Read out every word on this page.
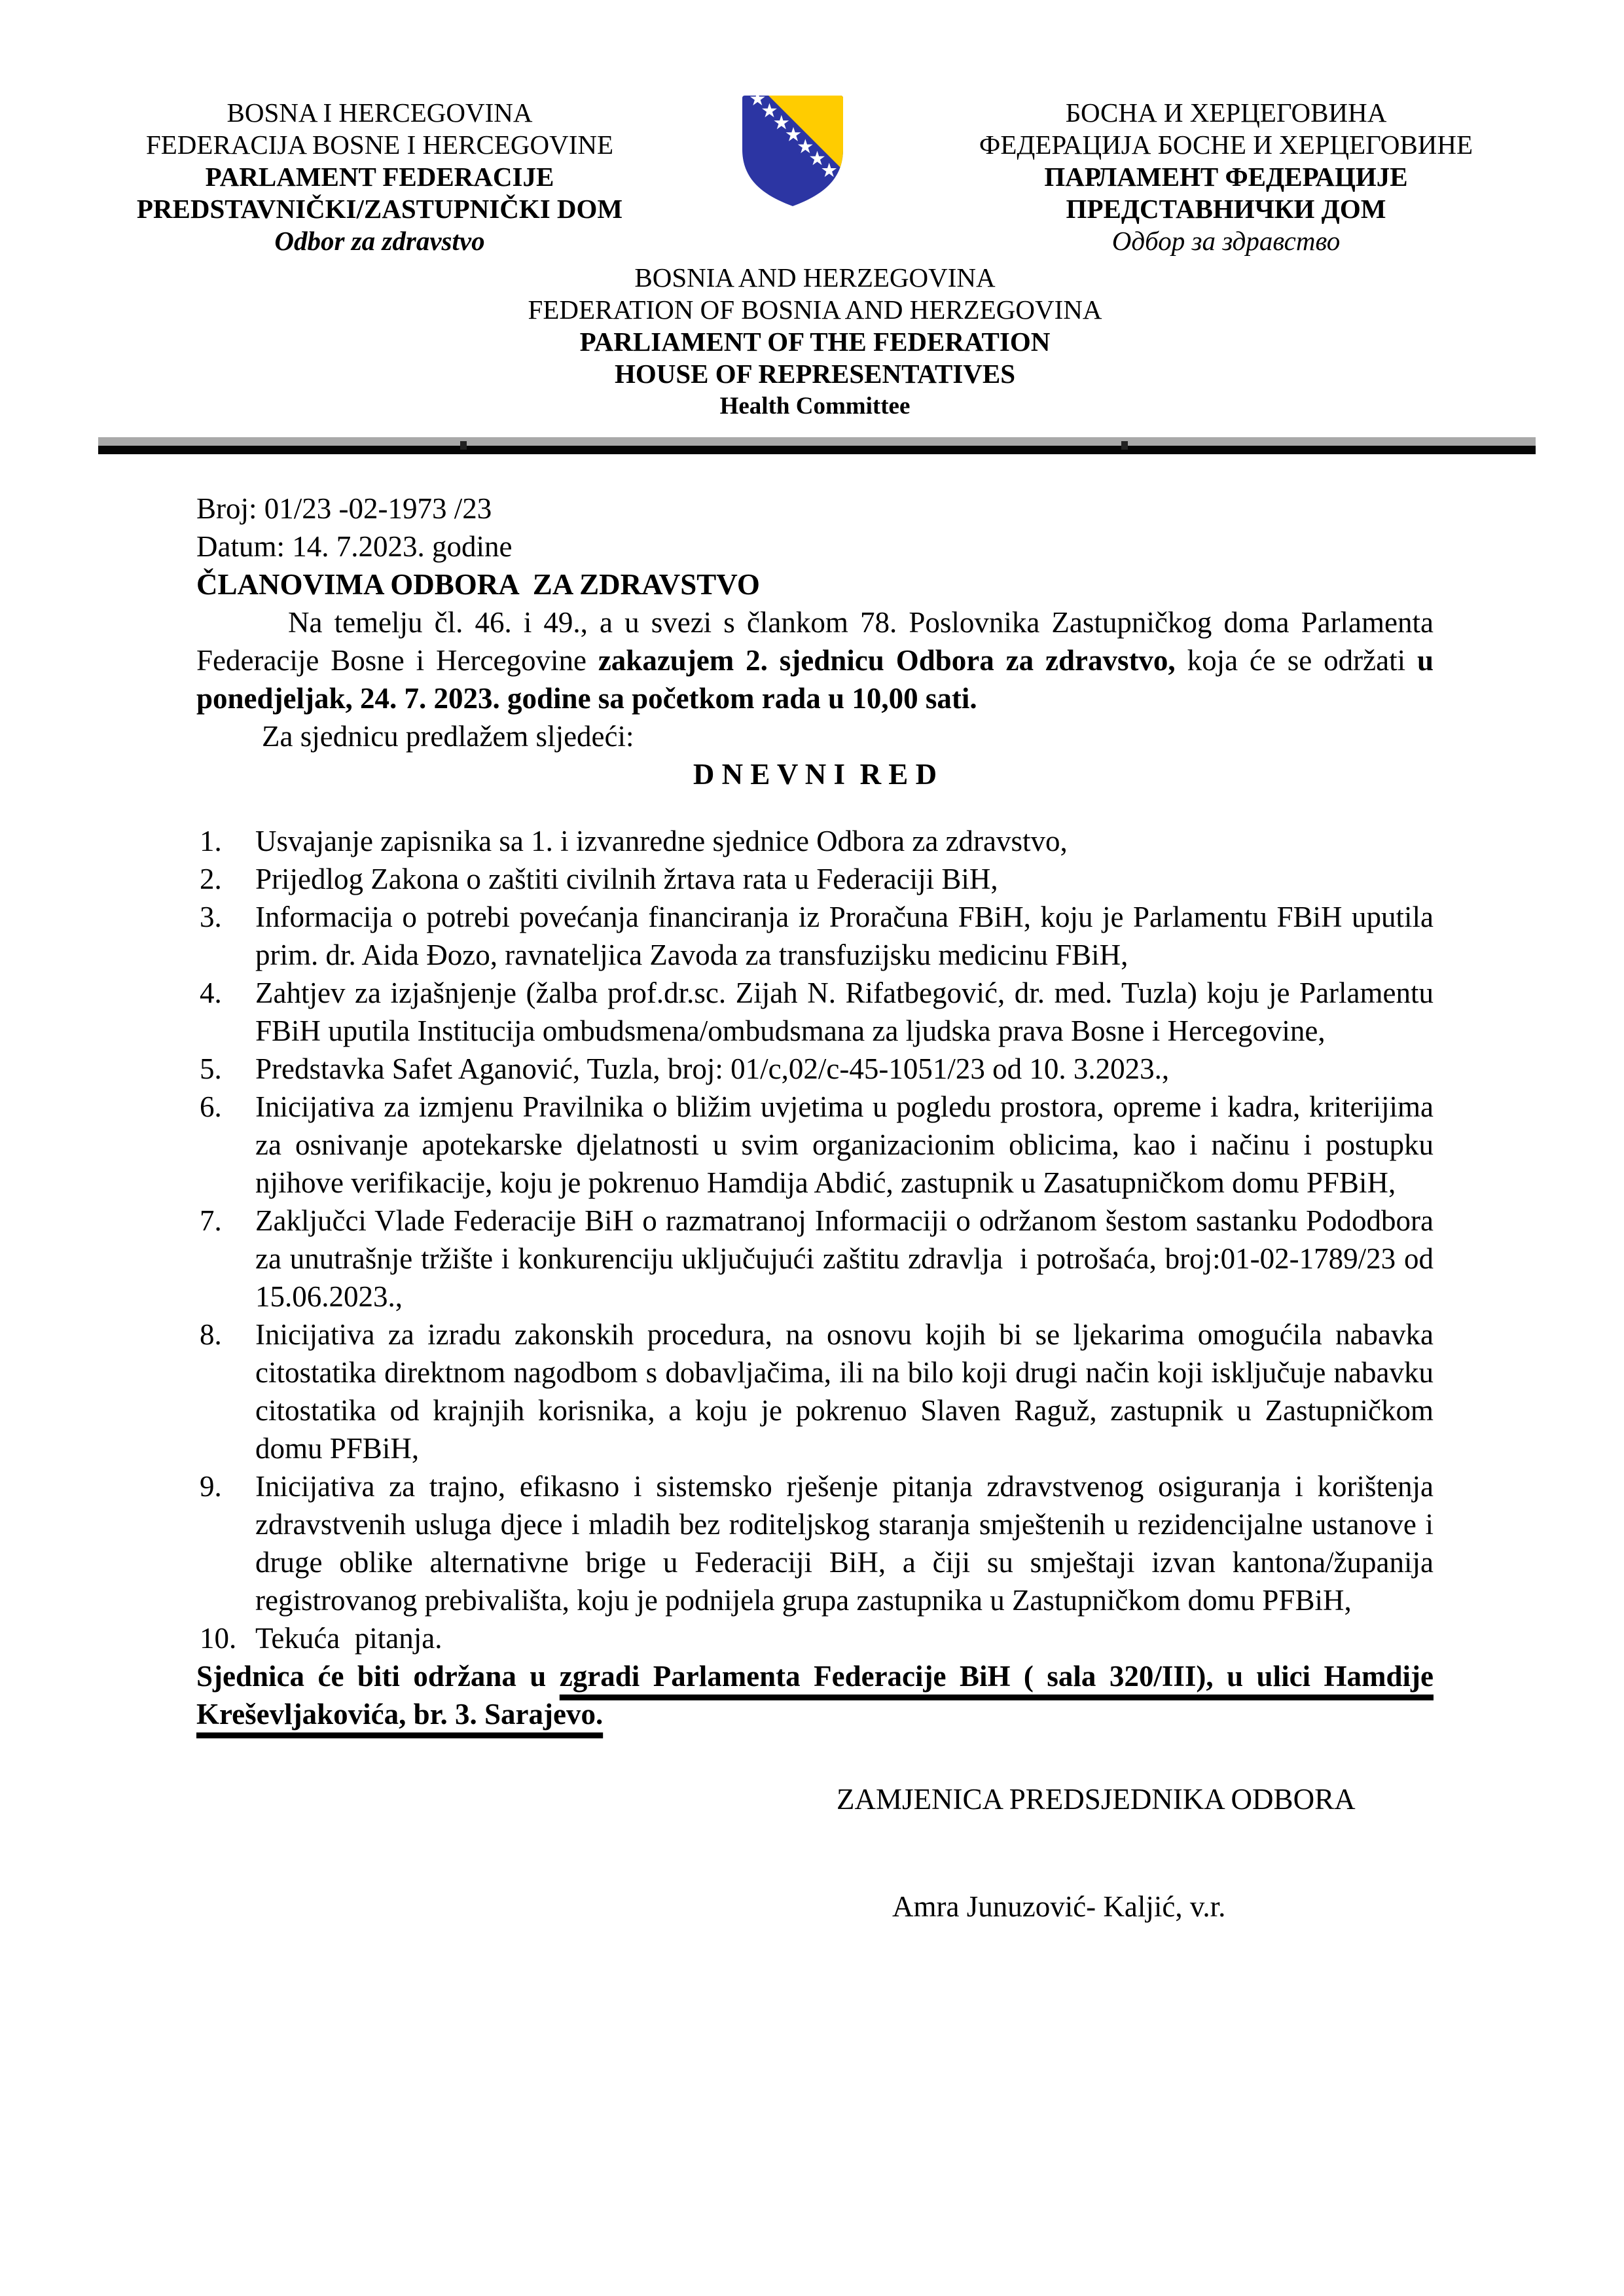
BOSNA I HERCEGOVINA
FEDERACIJA BOSNE I HERCEGOVINE
PARLAMENT FEDERACIJE
PREDSTAVNIČKI/ZASTUPNIČKI DOM
Odbor za zdravstvo
БОСНА И ХЕРЦЕГОВИНА
ФЕДЕРАЦИЈА БОСНЕ И ХЕРЦЕГОВИНЕ
ПАРЛАМЕНТ ФЕДЕРАЦИЈЕ
ПРЕДСТАВНИЧКИ ДОМ
Одбор за здравство
BOSNIA AND HERZEGOVINA
FEDERATION OF BOSNIA AND HERZEGOVINA
PARLIAMENT OF THE FEDERATION
HOUSE OF REPRESENTATIVES
Health Committee

Broj: 01/23 -02-1973 /23

Datum: 14. 7.2023. godine

ČLANOVIMA ODBORA  ZA ZDRAVSTVO

Na temelju čl. 46. i 49., a u svezi s člankom 78. Poslovnika Zastupničkog doma Parlamenta Federacije Bosne i Hercegovine zakazujem 2. sjednicu Odbora za zdravstvo, koja će se održati u ponedjeljak, 24. 7. 2023. godine sa početkom rada u 10,00 sati.

Za sjednicu predlažem sljedeći:

D N E V N I  R E D

1. Usvajanje zapisnika sa 1. i izvanredne sjednice Odbora za zdravstvo,
2. Prijedlog Zakona o zaštiti civilnih žrtava rata u Federaciji BiH,
3. Informacija o potrebi povećanja financiranja iz Proračuna FBiH, koju je Parlamentu FBiH uputila prim. dr. Aida Đozo, ravnateljica Zavoda za transfuzijsku medicinu FBiH,
4. Zahtjev za izjašnjenje (žalba prof.dr.sc. Zijah N. Rifatbegović, dr. med. Tuzla) koju je Parlamentu FBiH uputila Institucija ombudsmena/ombudsmana za ljudska prava Bosne i Hercegovine,
5. Predstavka Safet Aganović, Tuzla, broj: 01/c,02/c-45-1051/23 od 10. 3.2023.,
6. Inicijativa za izmjenu Pravilnika o bližim uvjetima u pogledu prostora, opreme i kadra, kriterijima za osnivanje apotekarske djelatnosti u svim organizacionim oblicima, kao i načinu i postupku njihove verifikacije, koju je pokrenuo Hamdija Abdić, zastupnik u Zasatupničkom domu PFBiH,
7. Zaključci Vlade Federacije BiH o razmatranoj Informaciji o održanom šestom sastanku Pododbora za unutrašnje tržište i konkurenciju uključujući zaštitu zdravlja  i potrošaća, broj:01-02-1789/23 od 15.06.2023.,
8. Inicijativa za izradu zakonskih procedura, na osnovu kojih bi se ljekarima omogućila nabavka citostatika direktnom nagodbom s dobavljačima, ili na bilo koji drugi način koji isključuje nabavku citostatika od krajnjih korisnika, a koju je pokrenuo Slaven Raguž, zastupnik u Zastupničkom domu PFBiH,
9. Inicijativa za trajno, efikasno i sistemsko rješenje pitanja zdravstvenog osiguranja i korištenja zdravstvenih usluga djece i mladih bez roditeljskog staranja smještenih u rezidencijalne ustanove i druge oblike alternativne brige u Federaciji BiH, a čiji su smještaji izvan kantona/županija registrovanog prebivališta, koju je podnijela grupa zastupnika u Zastupničkom domu PFBiH,
10. Tekuća  pitanja.

Sjednica će biti održana u zgradi Parlamenta Federacije BiH ( sala 320/III), u ulici Hamdije Kreševljakovića, br. 3. Sarajevo.

ZAMJENICA PREDSJEDNIKA ODBORA
Amra Junuzović- Kaljić, v.r.
